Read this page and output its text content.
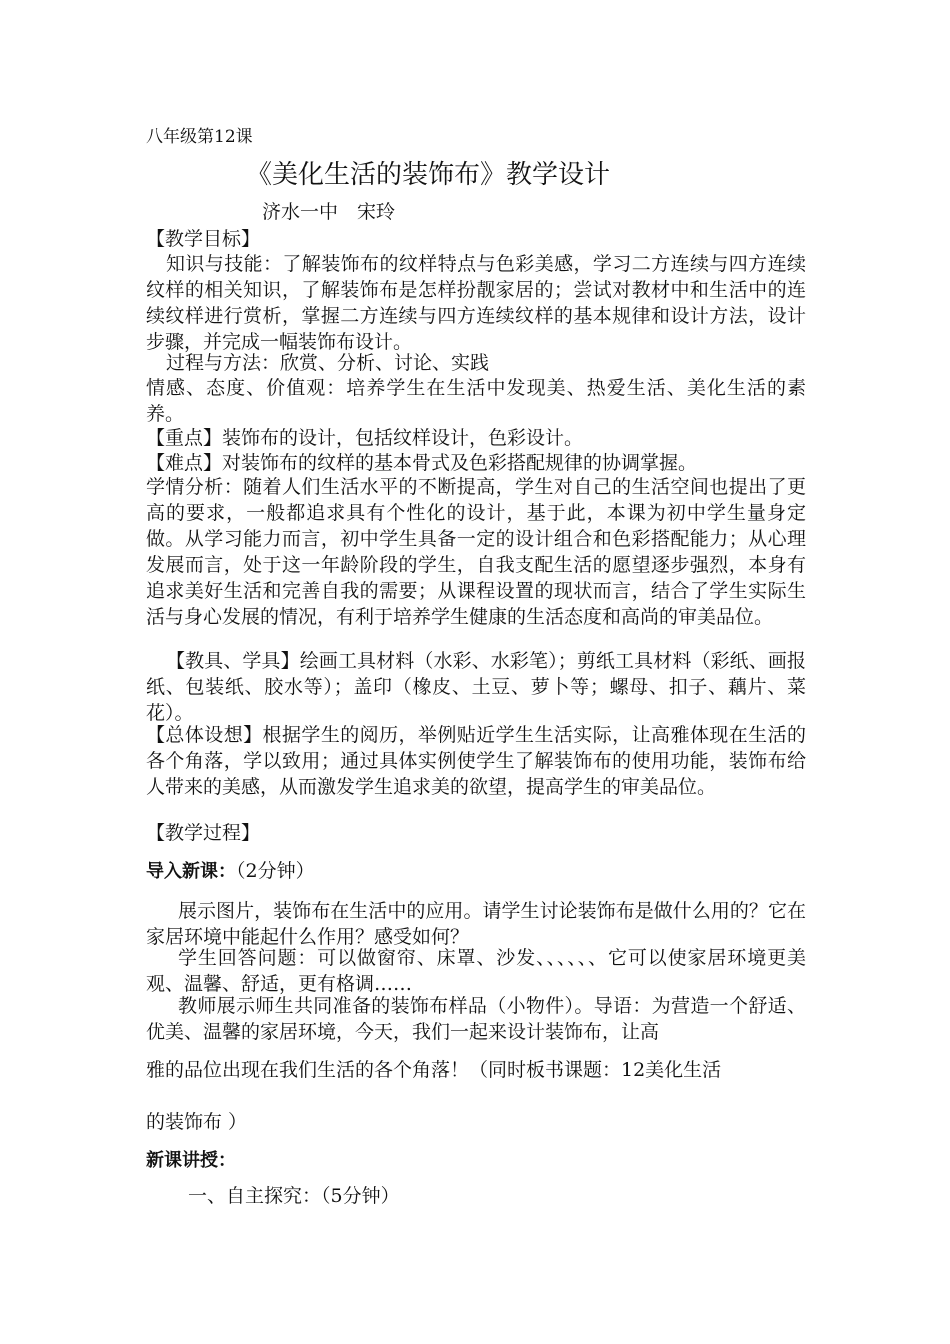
八年级第12课

《美化生活的装饰布》教学设计

济水一中　宋玲

【教学目标】

知识与技能：了解装饰布的纹样特点与色彩美感，学习二方连续与四方连续纹样的相关知识，了解装饰布是怎样扮靓家居的；尝试对教材中和生活中的连续纹样进行赏析，掌握二方连续与四方连续纹样的基本规律和设计方法，设计步骤，并完成一幅装饰布设计。

过程与方法：欣赏、分析、讨论、实践

情感、态度、价值观：培养学生在生活中发现美、热爱生活、美化生活的素养。

【重点】装饰布的设计，包括纹样设计，色彩设计。

【难点】对装饰布的纹样的基本骨式及色彩搭配规律的协调掌握。

学情分析：随着人们生活水平的不断提高，学生对自己的生活空间也提出了更高的要求，一般都追求具有个性化的设计，基于此，本课为初中学生量身定做。从学习能力而言，初中学生具备一定的设计组合和色彩搭配能力；从心理发展而言，处于这一年龄阶段的学生，自我支配生活的愿望逐步强烈，本身有追求美好生活和完善自我的需要；从课程设置的现状而言，结合了学生实际生活与身心发展的情况，有利于培养学生健康的生活态度和高尚的审美品位。

【教具、学具】绘画工具材料（水彩、水彩笔）；剪纸工具材料（彩纸、画报纸、包装纸、胶水等）；盖印（橡皮、土豆、萝卜等；螺母、扣子、藕片、菜花）。

【总体设想】根据学生的阅历，举例贴近学生生活实际，让高雅体现在生活的各个角落，学以致用；通过具体实例使学生了解装饰布的使用功能，装饰布给人带来的美感，从而激发学生追求美的欲望，提高学生的审美品位。

【教学过程】

导入新课：（2分钟）

展示图片，装饰布在生活中的应用。请学生讨论装饰布是做什么用的？它在家居环境中能起什么作用？感受如何？

学生回答问题：可以做窗帘、床罩、沙发、、、、、、它可以使家居环境更美观、温馨、舒适，更有格调……

教师展示师生共同准备的装饰布样品（小物件）。导语：为营造一个舒适、优美、温馨的家居环境，今天，我们一起来设计装饰布，让高

雅的品位出现在我们生活的各个角落！（同时板书课题：12美化生活

的装饰布 ）

新课讲授：

一、自主探究：（5分钟）
